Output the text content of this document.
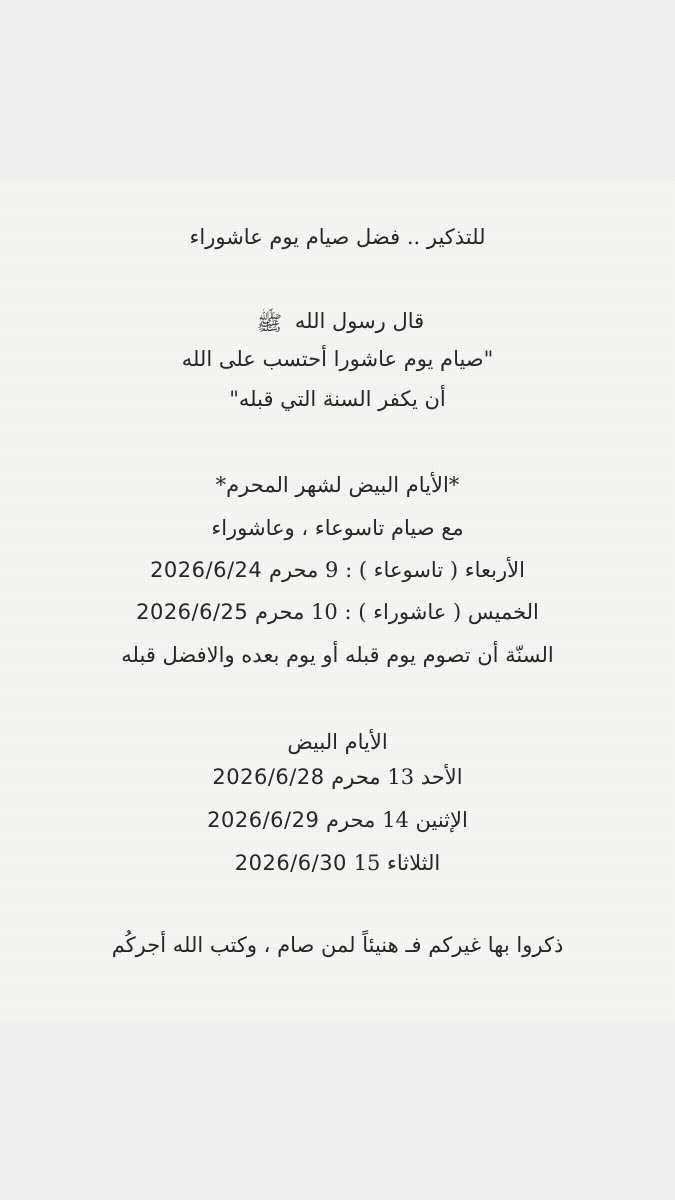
للتذكير .. فضل صيام يوم عاشوراء
قال رسول الله ﷺ
"صيام يوم عاشورا أحتسب على الله
أن يكفر السنة التي قبله"
*الأيام البيض لشهر المحرم*
مع صيام تاسوعاء ، وعاشوراء
الأربعاء ( تاسوعاء ) : 9 محرم 2026/6/24
الخميس ( عاشوراء ) : 10 محرم 2026/6/25
السنّة أن تصوم يوم قبله أو يوم بعده والافضل قبله
الأيام البيض
الأحد 13 محرم 2026/6/28
الإثنين 14 محرم 2026/6/29
الثلاثاء 15 2026/6/30
ذكروا بها غيركم فـ هنيئاً لمن صام ، وكتب الله أجركُم
